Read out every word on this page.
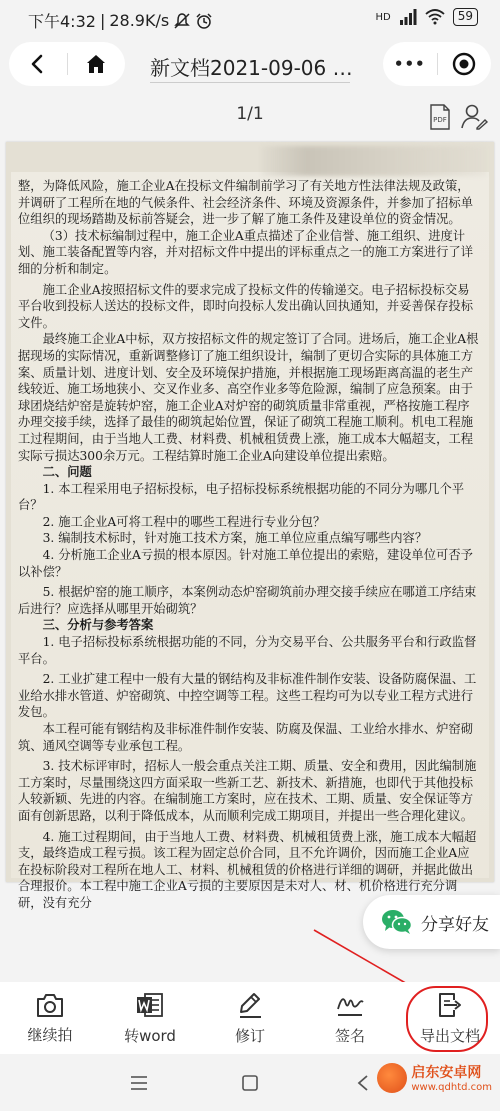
下午4:32 | 28.9K/s	HD	59
新文档2021-09-06 …	•••
1/1	PDF

整，为降低风险，施工企业A在投标文件编制前学习了有关地方性法律法规及政策，并调研了工程所在地的气候条件、社会经济条件、环境及资源条件，并参加了招标单位组织的现场踏勘及标前答疑会，进一步了解了施工条件及建设单位的资金情况。

（3）技术标编制过程中，施工企业A重点描述了企业信誉、施工组织、进度计划、施工装备配置等内容，并对招标文件中提出的评标重点之一的施工方案进行了详细的分析和制定。

施工企业A按照招标文件的要求完成了投标文件的传输递交。电子招标投标交易平台收到投标人送达的投标文件，即时向投标人发出确认回执通知，并妥善保存投标文件。

最终施工企业A中标，双方按招标文件的规定签订了合同。进场后，施工企业A根据现场的实际情况，重新调整修订了施工组织设计，编制了更切合实际的具体施工方案、质量计划、进度计划、安全及环境保护措施，并根据施工现场距离高温的老生产线较近、施工场地狭小、交叉作业多、高空作业多等危险源，编制了应急预案。由于球团烧结炉窑是旋转炉窑，施工企业A对炉窑的砌筑质量非常重视，严格按施工程序办理交接手续，选择了最佳的砌筑起始位置，保证了砌筑工程施工顺利。机电工程施工过程期间，由于当地人工费、材料费、机械租赁费上涨，施工成本大幅超支，工程实际亏损达300余万元。工程结算时施工企业A向建设单位提出索赔。

二、问题

1. 本工程采用电子招标投标，电子招标投标系统根据功能的不同分为哪几个平台？

2. 施工企业A可将工程中的哪些工程进行专业分包？

3. 编制技术标时，针对施工技术方案，施工单位应重点编写哪些内容？

4. 分析施工企业A亏损的根本原因。针对施工单位提出的索赔，建设单位可否予以补偿？

5. 根据炉窑的施工顺序，本案例动态炉窑砌筑前办理交接手续应在哪道工序结束后进行？应选择从哪里开始砌筑？

三、分析与参考答案

1. 电子招标投标系统根据功能的不同，分为交易平台、公共服务平台和行政监督平台。

2. 工业扩建工程中一般有大量的钢结构及非标准件制作安装、设备防腐保温、工业给水排水管道、炉窑砌筑、中控空调等工程。这些工程均可为以专业工程方式进行发包。

本工程可能有钢结构及非标准件制作安装、防腐及保温、工业给水排水、炉窑砌筑、通风空调等专业承包工程。

3. 技术标评审时，招标人一般会重点关注工期、质量、安全和费用，因此编制施工方案时，尽量围绕这四方面采取一些新工艺、新技术、新措施，也即代于其他投标人较新颖、先进的内容。在编制施工方案时，应在技术、工期、质量、安全保证等方面有创新思路，以利于降低成本，从而顺利完成工期项目，并提出一些合理化建议。

4. 施工过程期间，由于当地人工费、材料费、机械租赁费上涨，施工成本大幅超支，最终造成工程亏损。该工程为固定总价合同，且不允许调价，因而施工企业A应在投标阶段对工程所在地人工、材料、机械租赁的价格进行详细的调研，并据此做出合理报价。本工程中施工企业A亏损的主要原因是未对人、材、机价格进行充分调研，没有充分

分享好友
继续拍	转word	修订	签名	导出文档
启东安卓网
www.qdhtd.com
